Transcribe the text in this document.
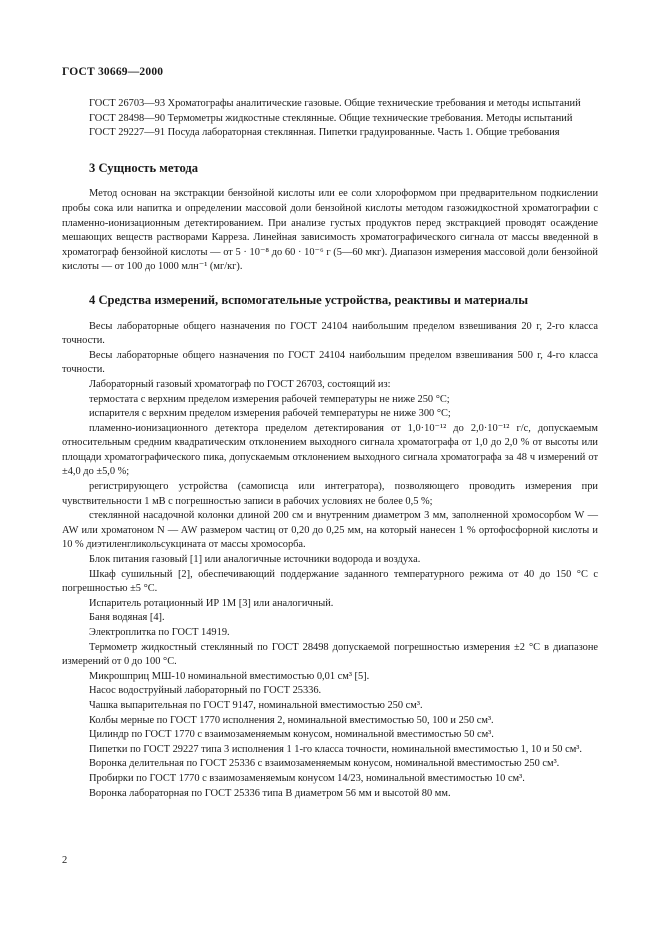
ГОСТ 30669—2000

ГОСТ 26703—93 Хроматографы аналитические газовые. Общие технические требования и методы испытаний

ГОСТ 28498—90 Термометры жидкостные стеклянные. Общие технические требования. Методы испытаний

ГОСТ 29227—91 Посуда лабораторная стеклянная. Пипетки градуированные. Часть 1. Общие требования

3 Сущность метода

Метод основан на экстракции бензойной кислоты или ее соли хлороформом при предварительном подкислении пробы сока или напитка и определении массовой доли бензойной кислоты методом газожидкостной хроматографии с пламенно-ионизационным детектированием. При анализе густых продуктов перед экстракцией проводят осаждение мешающих веществ растворами Карреза. Линейная зависимость хроматографического сигнала от массы введенной в хроматограф бензойной кислоты — от 5 · 10⁻⁸ до 60 · 10⁻⁶ г (5—60 мкг). Диапазон измерения массовой доли бензойной кислоты — от 100 до 1000 млн⁻¹ (мг/кг).

4 Средства измерений, вспомогательные устройства, реактивы и материалы

Весы лабораторные общего назначения по ГОСТ 24104 наибольшим пределом взвешивания 20 г, 2-го класса точности.

Весы лабораторные общего назначения по ГОСТ 24104 наибольшим пределом взвешивания 500 г, 4-го класса точности.

Лабораторный газовый хроматограф по ГОСТ 26703, состоящий из:

термостата с верхним пределом измерения рабочей температуры не ниже 250 °С;

испарителя с верхним пределом измерения рабочей температуры не ниже 300 °С;

пламенно-ионизационного детектора пределом детектирования от 1,0·10⁻¹² до 2,0·10⁻¹² г/с, допускаемым относительным средним квадратическим отклонением выходного сигнала хроматографа от 1,0 до 2,0 % от высоты или площади хроматографического пика, допускаемым отклонением выходного сигнала хроматографа за 48 ч измерений от ±4,0 до ±5,0 %;

регистрирующего устройства (самописца или интегратора), позволяющего проводить измерения при чувствительности 1 мВ с погрешностью записи в рабочих условиях не более 0,5 %;

стеклянной насадочной колонки длиной 200 см и внутренним диаметром 3 мм, заполненной хромосорбом W — AW или хроматоном N — AW размером частиц от 0,20 до 0,25 мм, на который нанесен 1 % ортофосфорной кислоты и 10 % диэтиленгликольсукцината от массы хромосорба.

Блок питания газовый [1] или аналогичные источники водорода и воздуха.

Шкаф сушильный [2], обеспечивающий поддержание заданного температурного режима от 40 до 150 °С с погрешностью ±5 °С.

Испаритель ротационный ИР 1М [3] или аналогичный.

Баня водяная [4].

Электроплитка по ГОСТ 14919.

Термометр жидкостный стеклянный по ГОСТ 28498 допускаемой погрешностью измерения ±2 °С в диапазоне измерений от 0 до 100 °С.

Микрошприц МШ-10 номинальной вместимостью 0,01 см³ [5].

Насос водоструйный лабораторный по ГОСТ 25336.

Чашка выпарительная по ГОСТ 9147, номинальной вместимостью 250 см³.

Колбы мерные по ГОСТ 1770 исполнения 2, номинальной вместимостью 50, 100 и 250 см³.

Цилиндр по ГОСТ 1770 с взаимозаменяемым конусом, номинальной вместимостью 50 см³.

Пипетки по ГОСТ 29227 типа 3 исполнения 1 1-го класса точности, номинальной вместимостью 1, 10 и 50 см³.

Воронка делительная по ГОСТ 25336 с взаимозаменяемым конусом, номинальной вместимостью 250 см³.

Пробирки по ГОСТ 1770 с взаимозаменяемым конусом 14/23, номинальной вместимостью 10 см³.

Воронка лабораторная по ГОСТ 25336 типа В диаметром 56 мм и высотой 80 мм.

2
